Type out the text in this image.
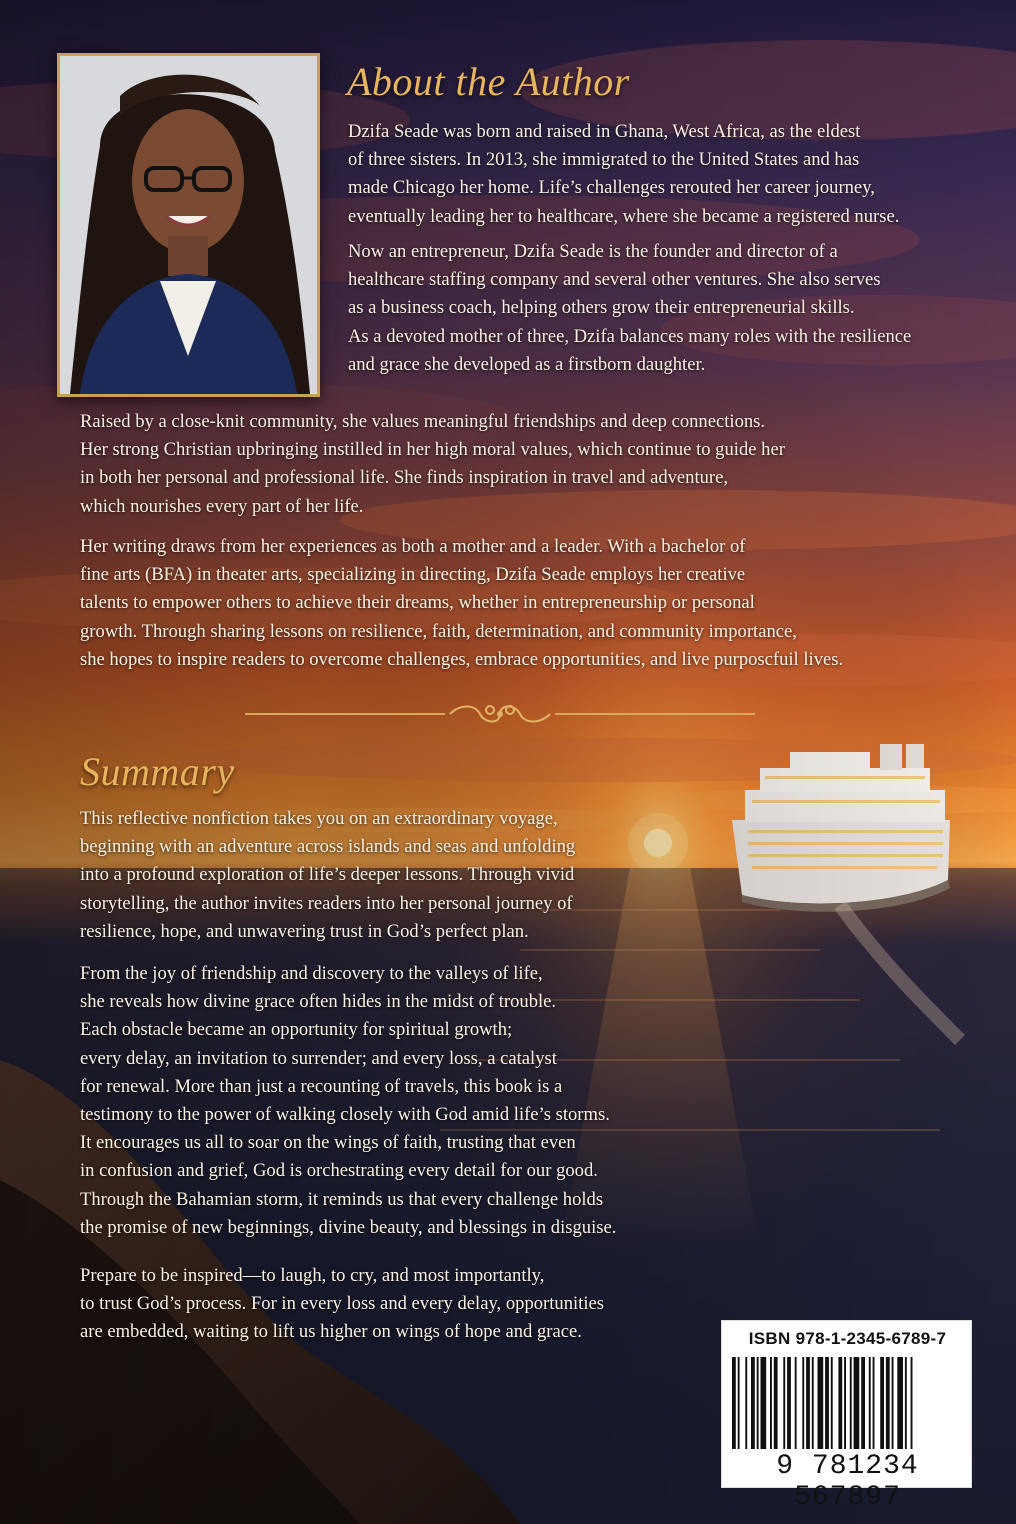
About the Author
Dzifa Seade was born and raised in Ghana, West Africa, as the eldest
of three sisters. In 2013, she immigrated to the United States and has
made Chicago her home. Life’s challenges rerouted her career journey,
eventually leading her to healthcare, where she became a registered nurse.
Now an entrepreneur, Dzifa Seade is the founder and director of a
healthcare staffing company and several other ventures. She also serves
as a business coach, helping others grow their entrepreneurial skills.
As a devoted mother of three, Dzifa balances many roles with the resilience
and grace she developed as a firstborn daughter.
Raised by a close-knit community, she values meaningful friendships and deep connections.
Her strong Christian upbringing instilled in her high moral values, which continue to guide her
in both her personal and professional life. She finds inspiration in travel and adventure,
which nourishes every part of her life.
Her writing draws from her experiences as both a mother and a leader. With a bachelor of
fine arts (BFA) in theater arts, specializing in directing, Dzifa Seade employs her creative
talents to empower others to achieve their dreams, whether in entrepreneurship or personal
growth. Through sharing lessons on resilience, faith, determination, and community importance,
she hopes to inspire readers to overcome challenges, embrace opportunities, and live purposcfuil lives.
Summary
This reflective nonfiction takes you on an extraordinary voyage,
beginning with an adventure across islands and seas and unfolding
into a profound exploration of life’s deeper lessons. Through vivid
storytelling, the author invites readers into her personal journey of
resilience, hope, and unwavering trust in God’s perfect plan.
From the joy of friendship and discovery to the valleys of life,
she reveals how divine grace often hides in the midst of trouble.
Each obstacle became an opportunity for spiritual growth;
every delay, an invitation to surrender; and every loss, a catalyst
for renewal. More than just a recounting of travels, this book is a
testimony to the power of walking closely with God amid life’s storms.
It encourages us all to soar on the wings of faith, trusting that even
in confusion and grief, God is orchestrating every detail for our good.
Through the Bahamian storm, it reminds us that every challenge holds
the promise of new beginnings, divine beauty, and blessings in disguise.
Prepare to be inspired—to laugh, to cry, and most importantly,
to trust God’s process. For in every loss and every delay, opportunities
are embedded, waiting to lift us higher on wings of hope and grace.	ISBN 978-1-2345-6789-7
9 781234 567897
